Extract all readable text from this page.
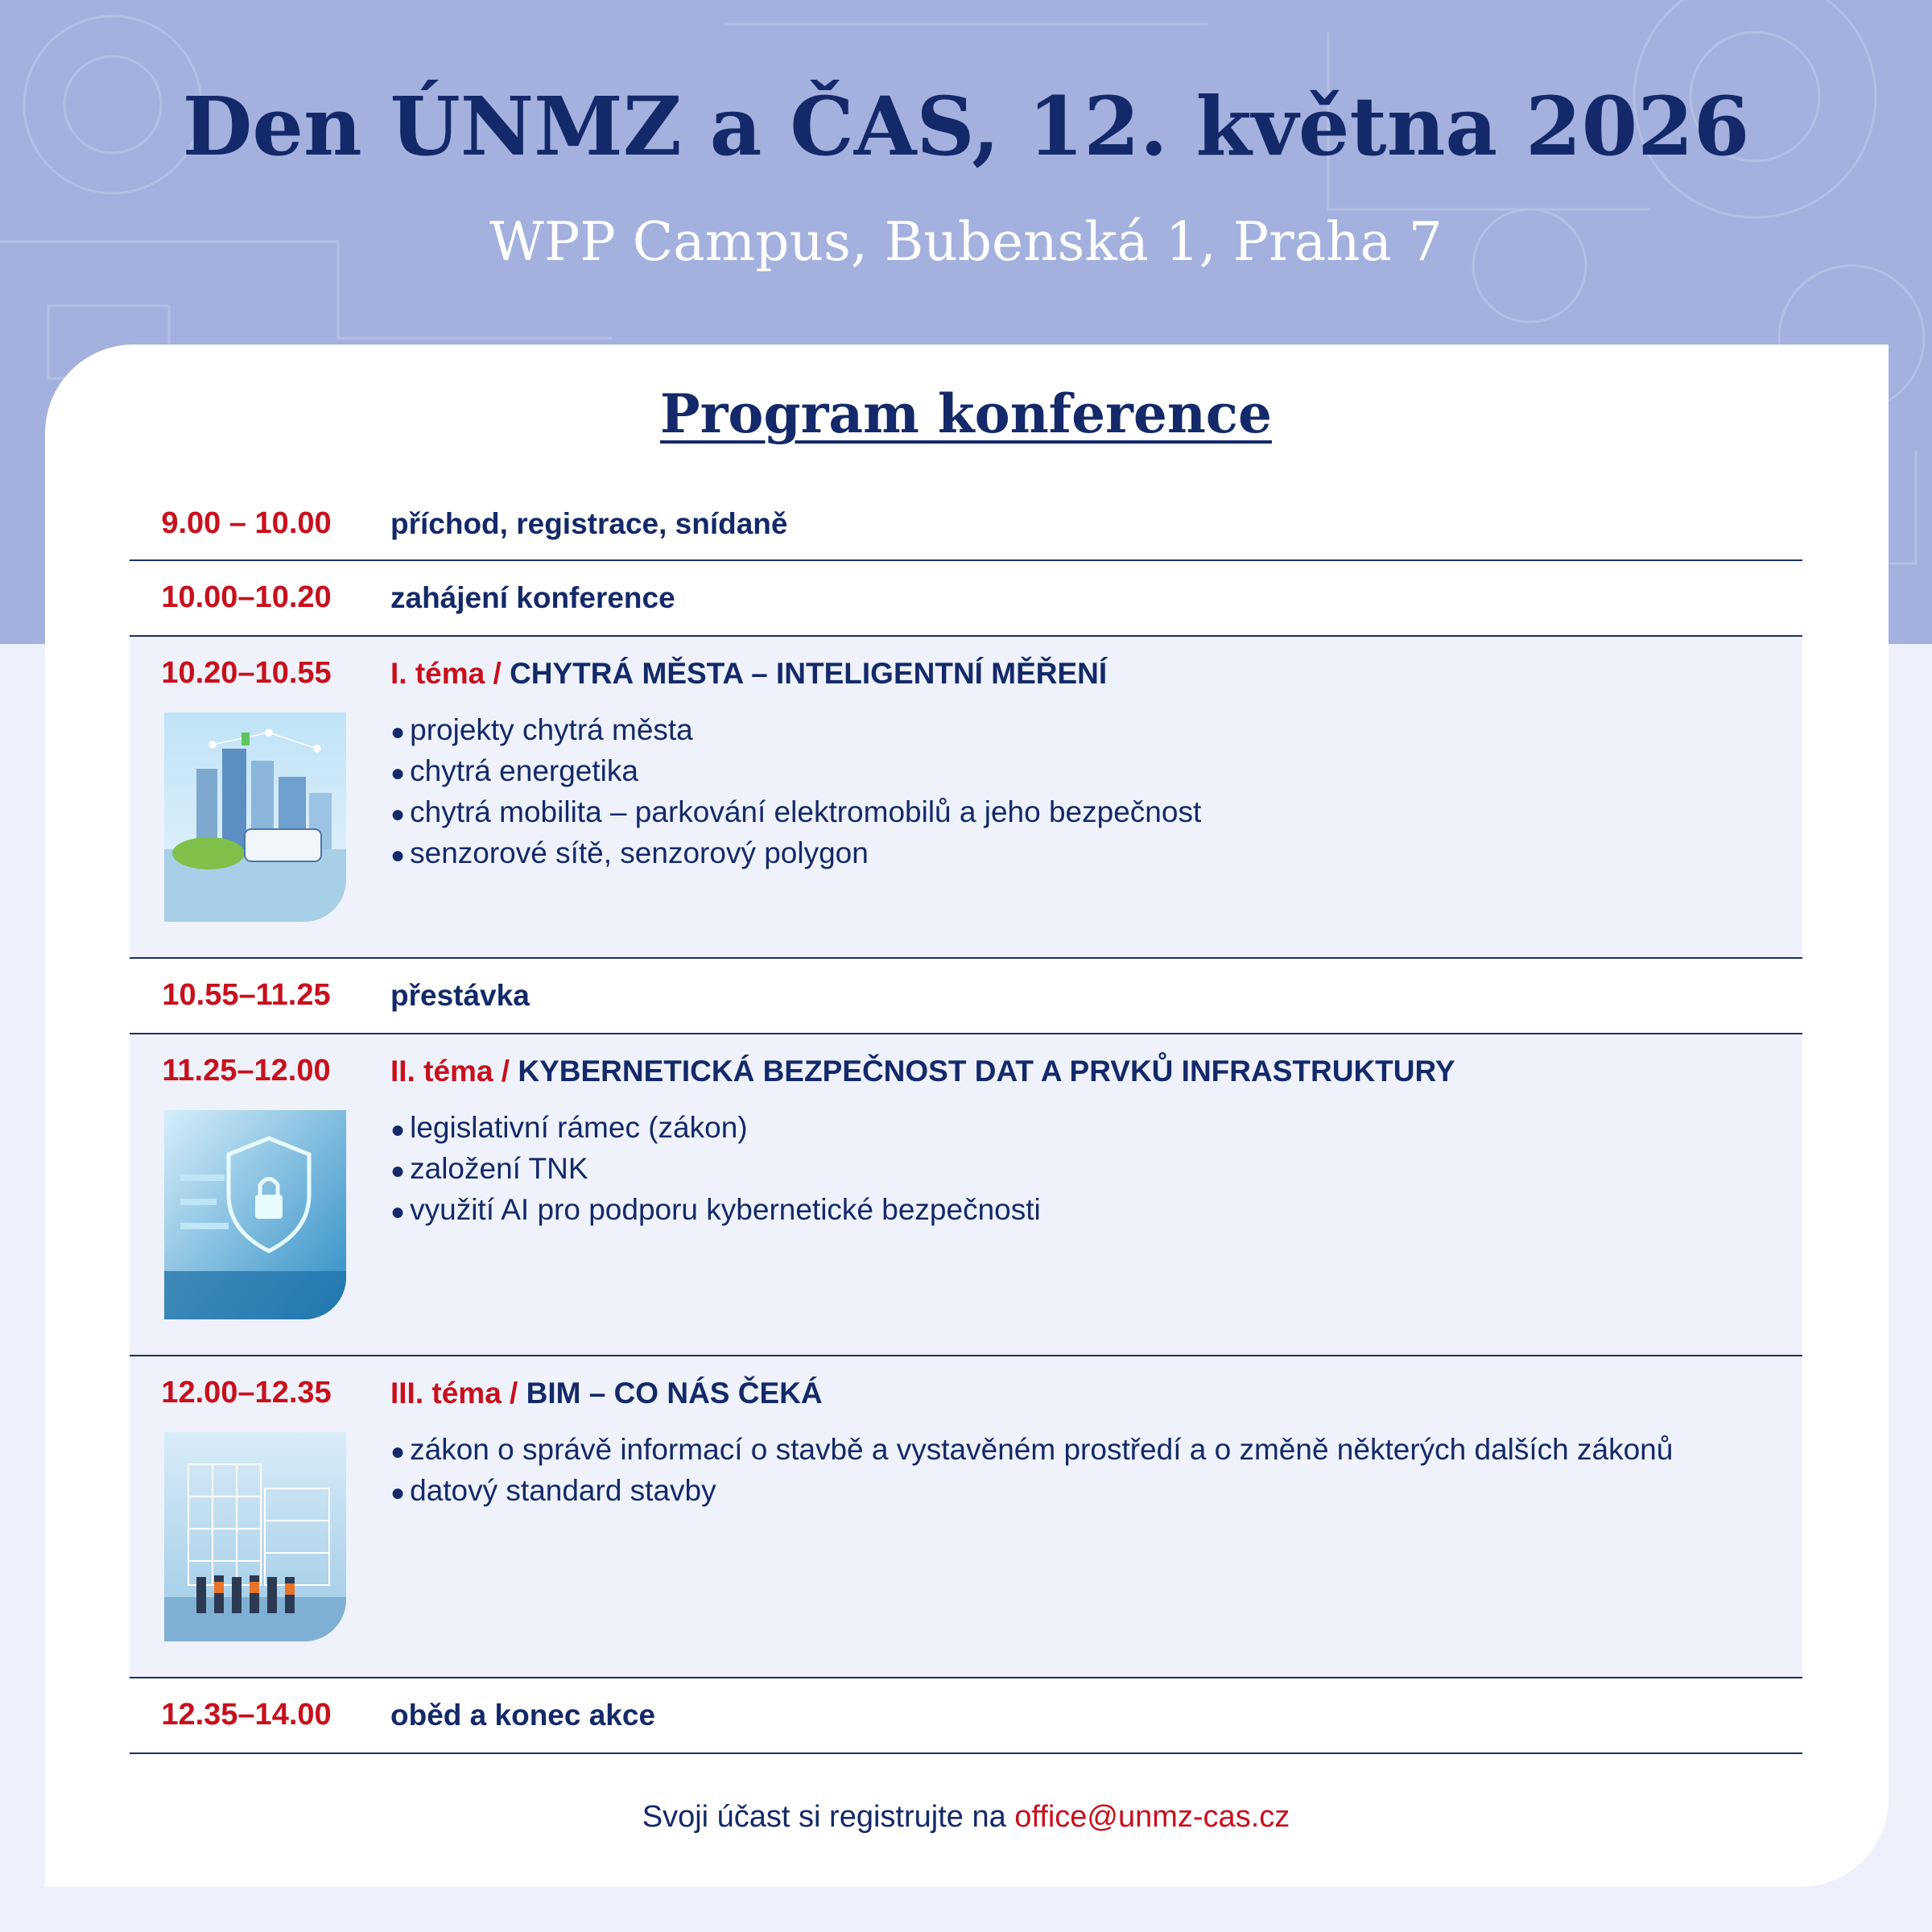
Den ÚNMZ a ČAS, 12. května 2026

WPP Campus, Bubenská 1, Praha 7

Program konference
9.00 – 10.00	příchod, registrace, snídaně
10.00–10.20	zahájení konference
10.20–10.55	I. téma / CHYTRÁ MĚSTA – INTELIGENTNÍ MĚŘENÍ
● projekty chytrá města
● chytrá energetika
● chytrá mobilita – parkování elektromobilů a jeho bezpečnost
● senzorové sítě, senzorový polygon
10.55–11.25	přestávka
11.25–12.00	II. téma / KYBERNETICKÁ BEZPEČNOST DAT A PRVKŮ INFRASTRUKTURY
● legislativní rámec (zákon)
● založení TNK
● využití AI pro podporu kybernetické bezpečnosti
12.00–12.35	III. téma / BIM – CO NÁS ČEKÁ
● zákon o správě informací o stavbě a vystavěném prostředí a o změně některých dalších zákonů
● datový standard stavby
12.35–14.00	oběd a konec akce

Svoji účast si registrujte na office@unmz-cas.cz
